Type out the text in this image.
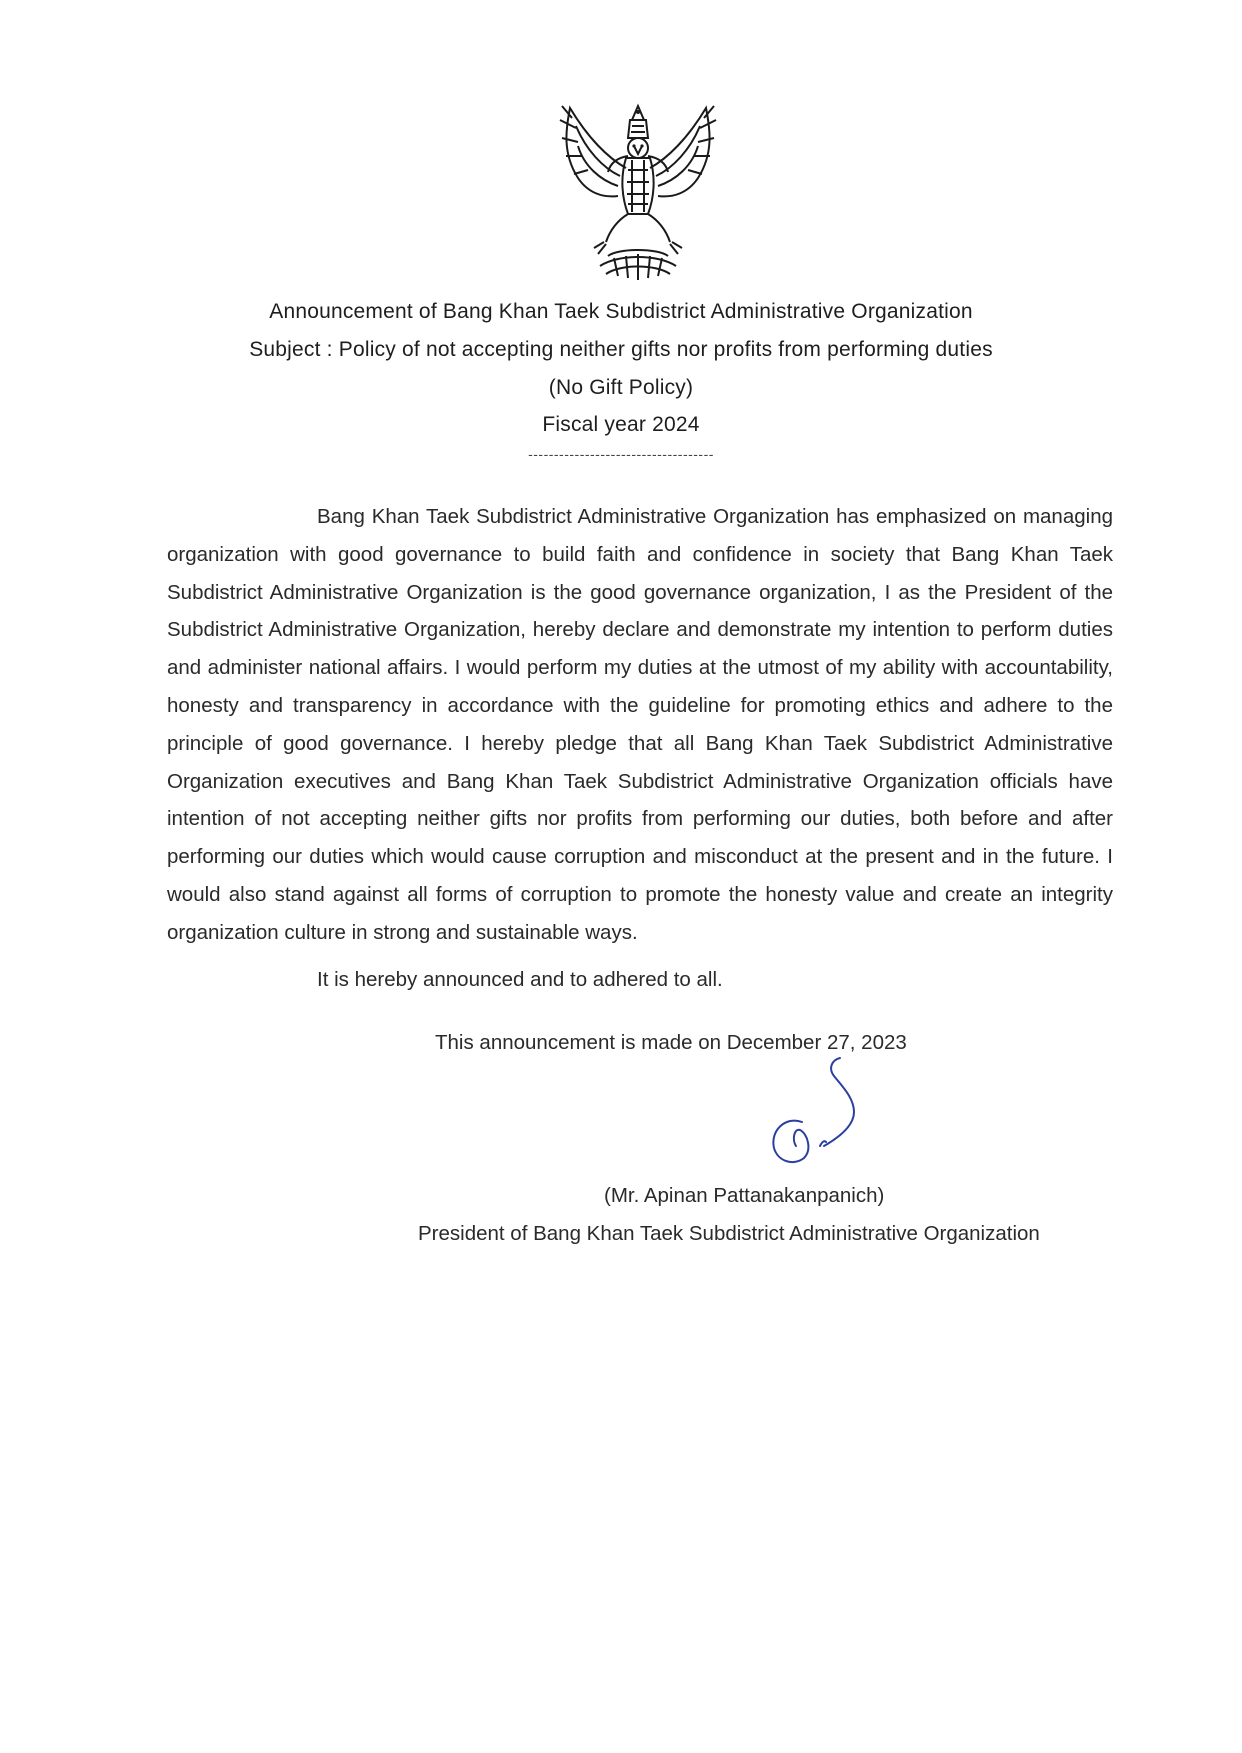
Announcement of Bang Khan Taek Subdistrict Administrative Organization
Subject : Policy of not accepting neither gifts nor profits from performing duties
(No Gift Policy)
Fiscal year 2024
------------------------------------
Bang Khan Taek Subdistrict Administrative Organization has emphasized on managing organization with good governance to build faith and confidence in society that Bang Khan Taek Subdistrict Administrative Organization is the good governance organization, I as the President of the Subdistrict Administrative Organization, hereby declare and demonstrate my intention to perform duties and administer national affairs. I would perform my duties at the utmost of my ability with accountability, honesty and transparency in accordance with the guideline for promoting ethics and adhere to the principle of good governance. I hereby pledge that all Bang Khan Taek Subdistrict Administrative Organization executives and Bang Khan Taek Subdistrict Administrative Organization officials have intention of not accepting neither gifts nor profits from performing our duties, both before and after performing our duties which would cause corruption and misconduct at the present and in the future. I would also stand against all forms of corruption to promote the honesty value and create an integrity organization culture in strong and sustainable ways.
It is hereby announced and to adhered to all.
This announcement is made on December 27, 2023
(Mr. Apinan Pattanakanpanich)
President of Bang Khan Taek Subdistrict Administrative Organization
